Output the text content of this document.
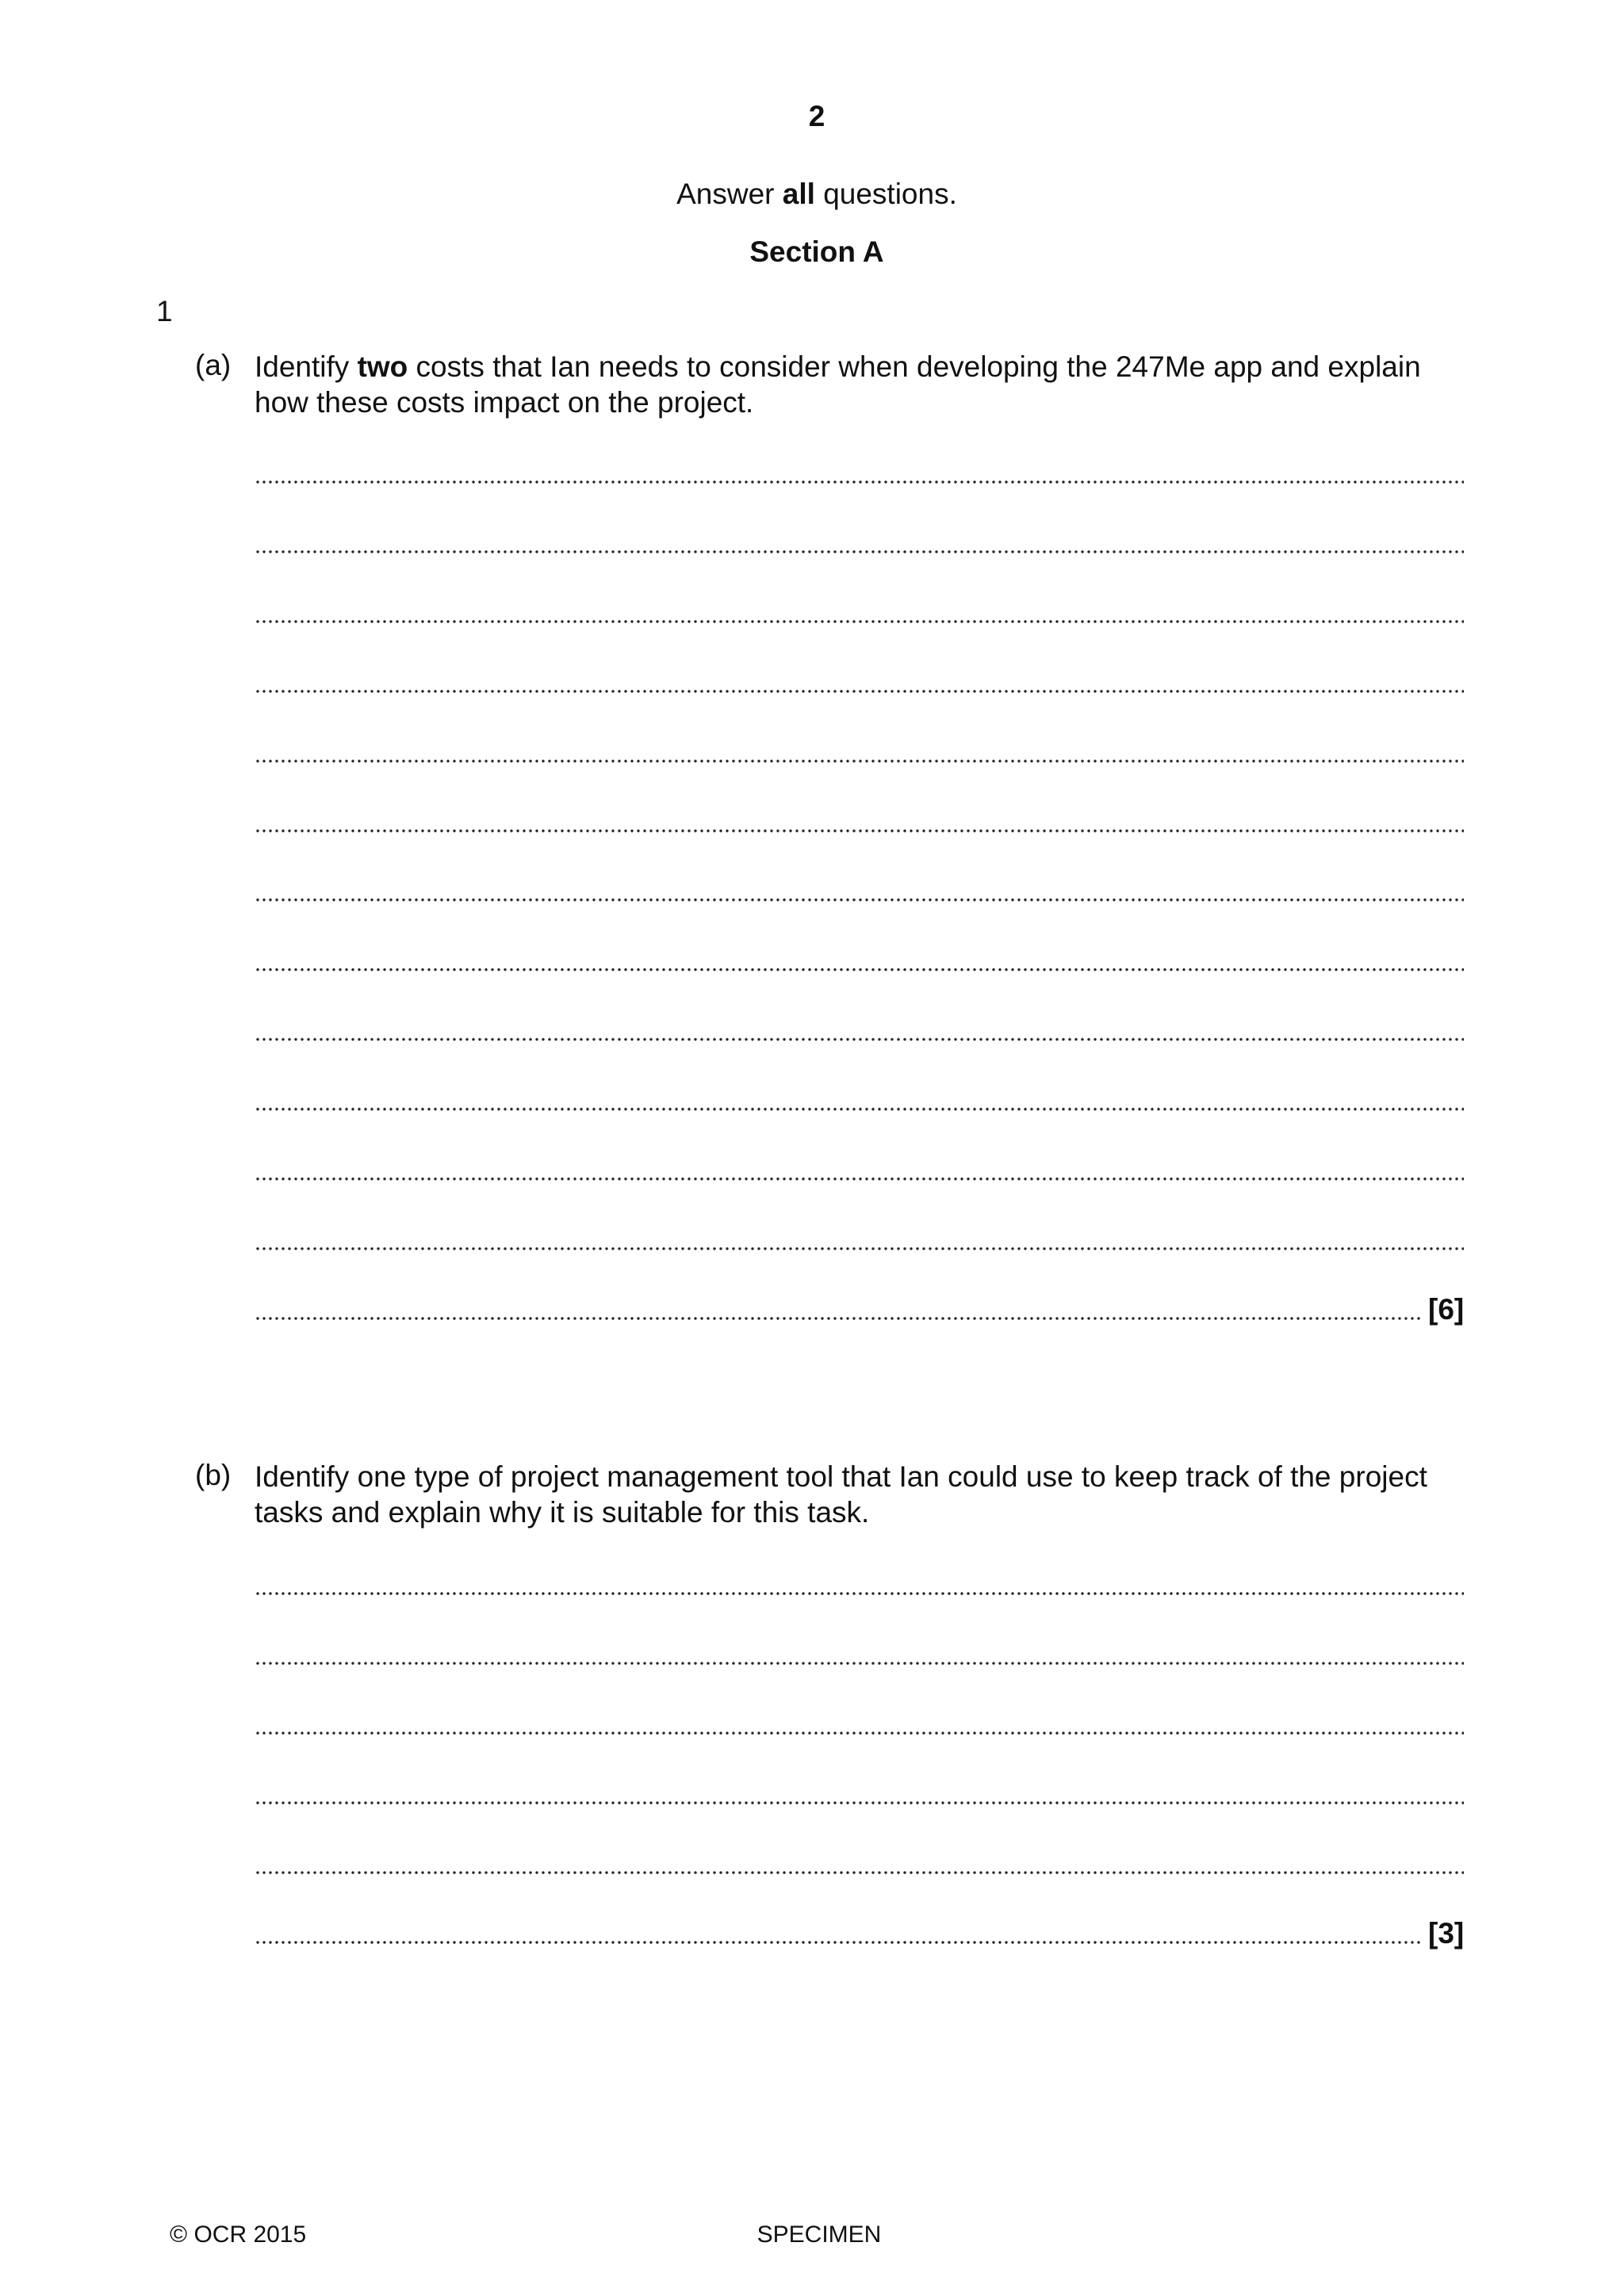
2
Answer all questions.
Section A
1
(a) Identify two costs that Ian needs to consider when developing the 247Me app and explain how these costs impact on the project.
[6]
(b) Identify one type of project management tool that Ian could use to keep track of the project tasks and explain why it is suitable for this task.
[3]
© OCR 2015	SPECIMEN
